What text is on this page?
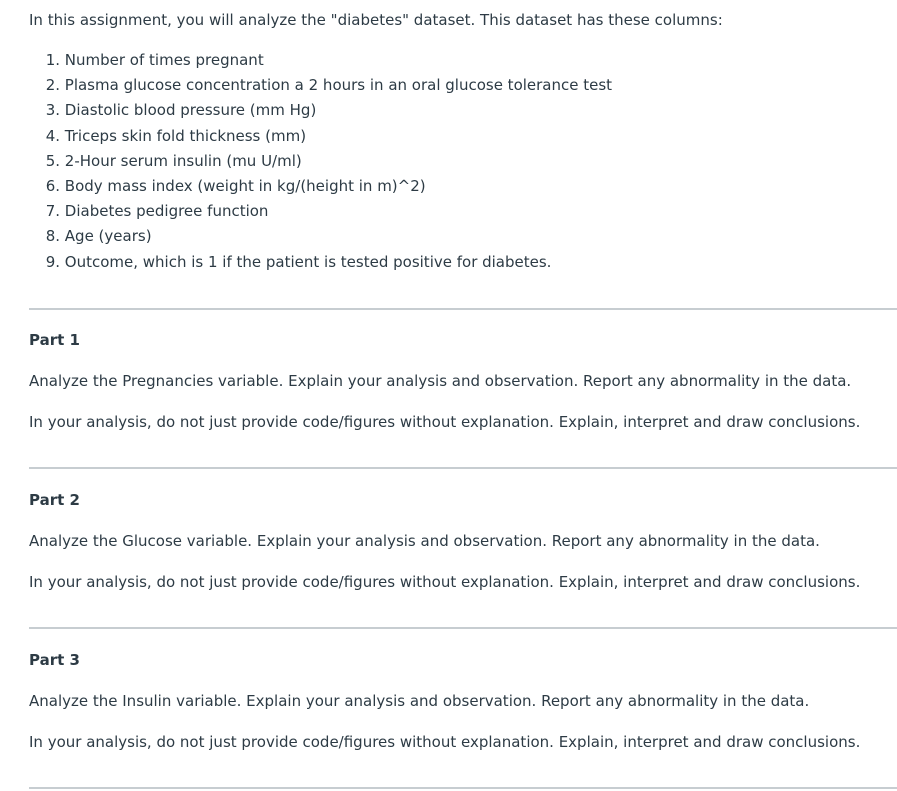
In this assignment, you will analyze the "diabetes" dataset. This dataset has these columns:

1. Number of times pregnant
2. Plasma glucose concentration a 2 hours in an oral glucose tolerance test
3. Diastolic blood pressure (mm Hg)
4. Triceps skin fold thickness (mm)
5. 2-Hour serum insulin (mu U/ml)
6. Body mass index (weight in kg/(height in m)^2)
7. Diabetes pedigree function
8. Age (years)
9. Outcome, which is 1 if the patient is tested positive for diabetes.

Part 1

Analyze the Pregnancies variable. Explain your analysis and observation. Report any abnormality in the data.

In your analysis, do not just provide code/figures without explanation. Explain, interpret and draw conclusions.

Part 2

Analyze the Glucose variable. Explain your analysis and observation. Report any abnormality in the data.

In your analysis, do not just provide code/figures without explanation. Explain, interpret and draw conclusions.

Part 3

Analyze the Insulin variable. Explain your analysis and observation. Report any abnormality in the data.

In your analysis, do not just provide code/figures without explanation. Explain, interpret and draw conclusions.
